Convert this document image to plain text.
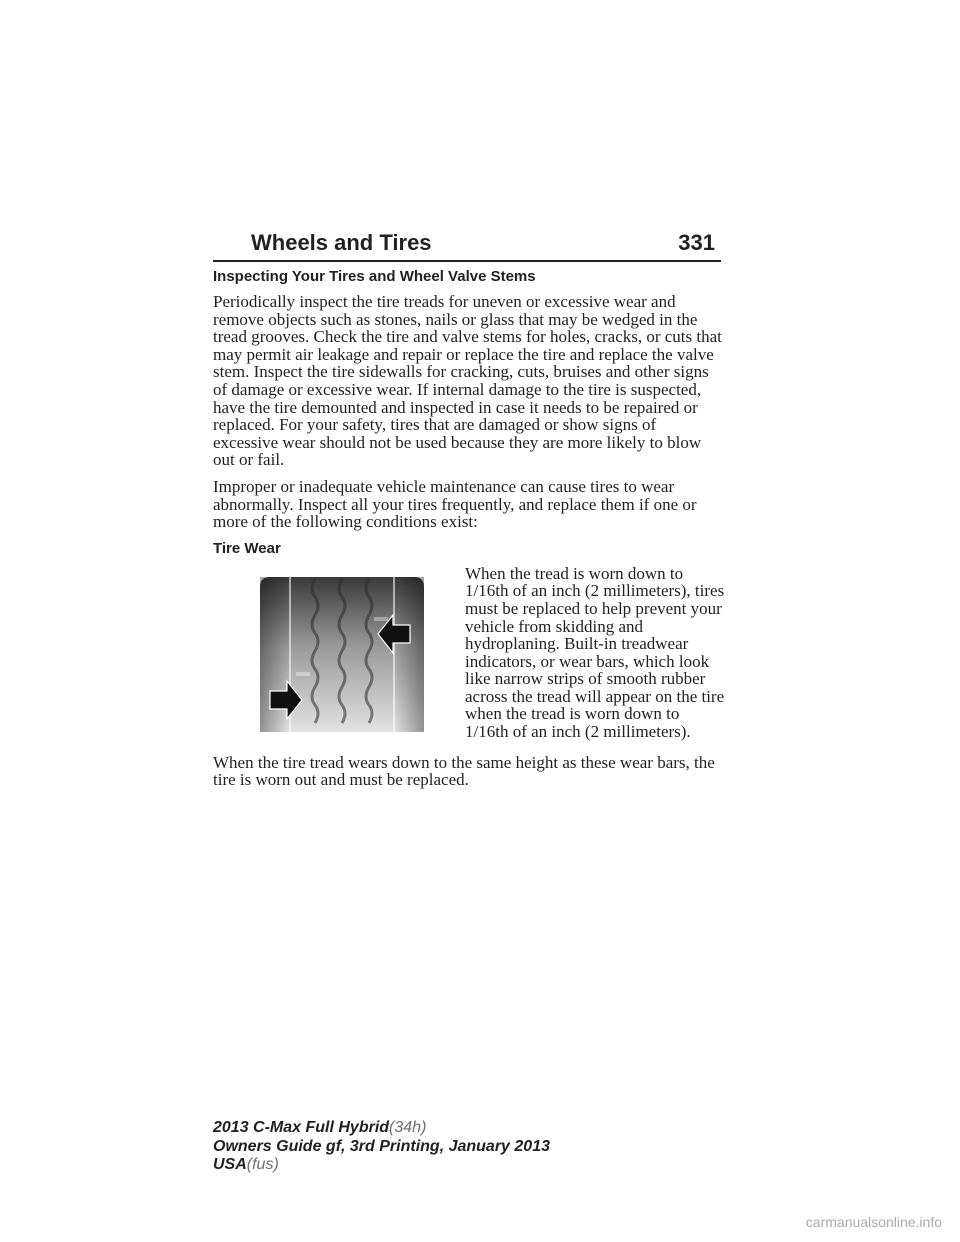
Wheels and Tires	331
Inspecting Your Tires and Wheel Valve Stems

Periodically inspect the tire treads for uneven or excessive wear and remove objects such as stones, nails or glass that may be wedged in the tread grooves. Check the tire and valve stems for holes, cracks, or cuts that may permit air leakage and repair or replace the tire and replace the valve stem. Inspect the tire sidewalls for cracking, cuts, bruises and other signs of damage or excessive wear. If internal damage to the tire is suspected, have the tire demounted and inspected in case it needs to be repaired or replaced. For your safety, tires that are damaged or show signs of excessive wear should not be used because they are more likely to blow out or fail.

Improper or inadequate vehicle maintenance can cause tires to wear abnormally. Inspect all your tires frequently, and replace them if one or more of the following conditions exist:

Tire Wear
When the tread is worn down to 1/16th of an inch (2 millimeters), tires must be replaced to help prevent your vehicle from skidding and hydroplaning. Built-in treadwear indicators, or wear bars, which look like narrow strips of smooth rubber across the tread will appear on the tire when the tread is worn down to 1/16th of an inch (2 millimeters).

When the tire tread wears down to the same height as these wear bars, the tire is worn out and must be replaced.

2013 C-Max Full Hybrid(34h)
Owners Guide gf, 3rd Printing, January 2013
USA(fus)
carmanualsonline.info
